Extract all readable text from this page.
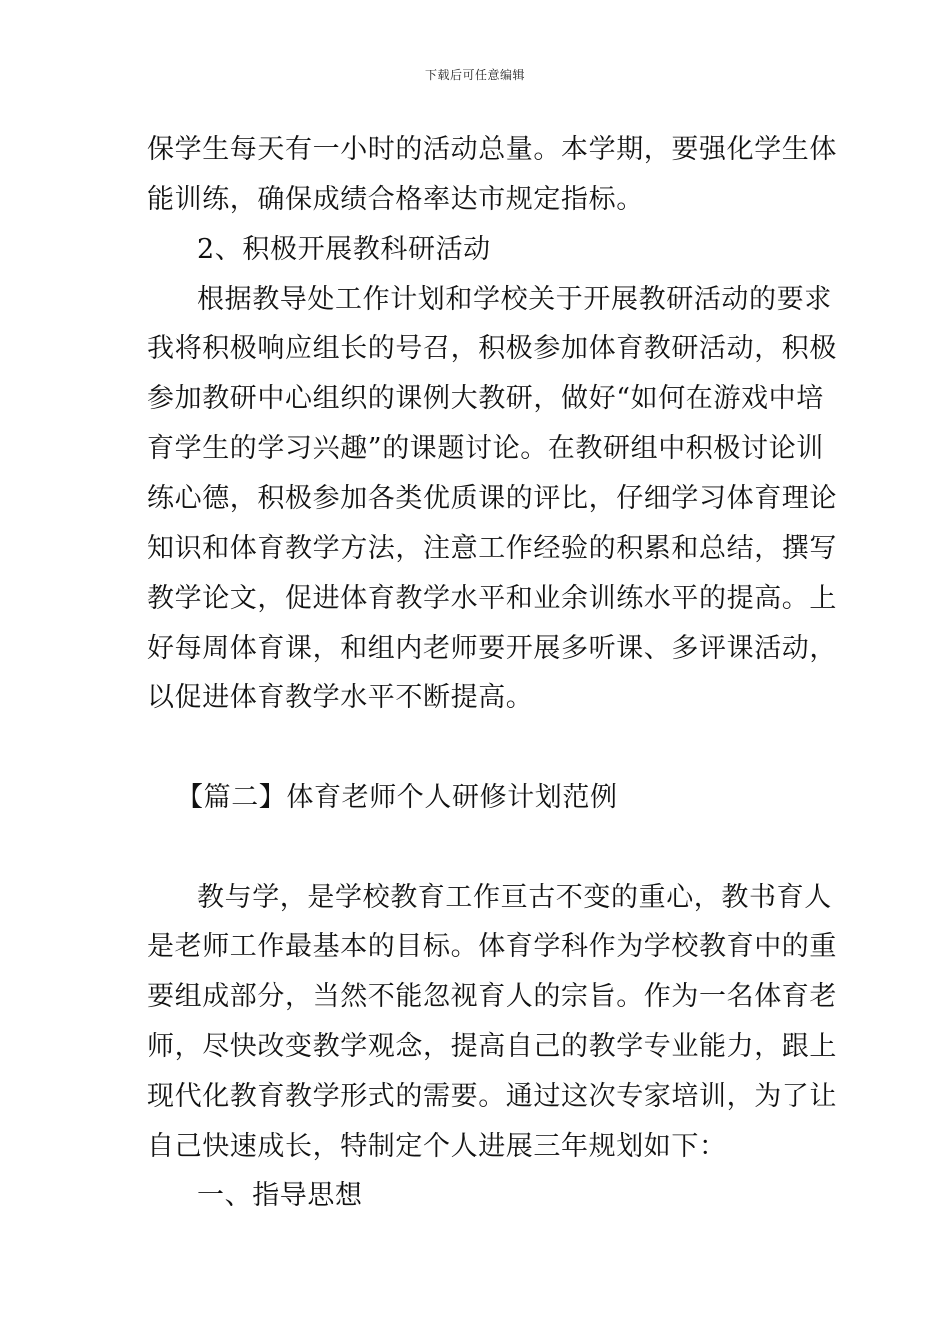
下载后可任意编辑
保学生每天有一小时的活动总量。本学期，要强化学生体
能训练，确保成绩合格率达市规定指标。
2、积极开展教科研活动
根据教导处工作计划和学校关于开展教研活动的要求
我将积极响应组长的号召，积极参加体育教研活动，积极
参加教研中心组织的课例大教研，做好“如何在游戏中培
育学生的学习兴趣”的课题讨论。在教研组中积极讨论训
练心德，积极参加各类优质课的评比，仔细学习体育理论
知识和体育教学方法，注意工作经验的积累和总结，撰写
教学论文，促进体育教学水平和业余训练水平的提高。上
好每周体育课，和组内老师要开展多听课、多评课活动，
以促进体育教学水平不断提高。
【篇二】体育老师个人研修计划范例
教与学，是学校教育工作亘古不变的重心，教书育人
是老师工作最基本的目标。体育学科作为学校教育中的重
要组成部分，当然不能忽视育人的宗旨。作为一名体育老
师，尽快改变教学观念，提高自己的教学专业能力，跟上
现代化教育教学形式的需要。通过这次专家培训，为了让
自己快速成长，特制定个人进展三年规划如下：
一、指导思想
